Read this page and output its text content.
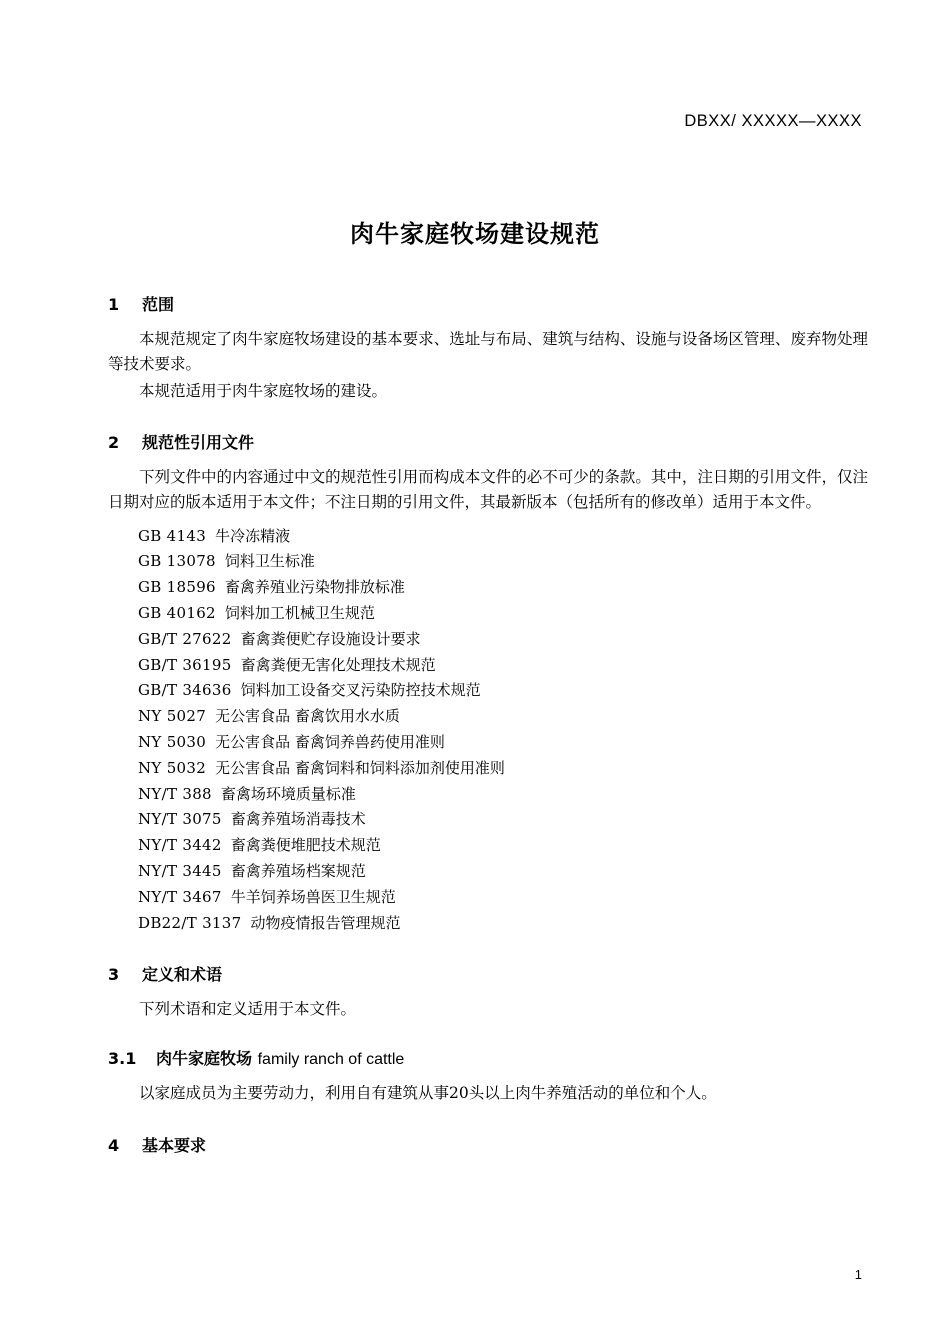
DBXX/ XXXXX—XXXX
肉牛家庭牧场建设规范
1	范围

本规范规定了肉牛家庭牧场建设的基本要求、选址与布局、建筑与结构、设施与设备场区管理、废弃物处理等技术要求。

本规范适用于肉牛家庭牧场的建设。

2	规范性引用文件

下列文件中的内容通过中文的规范性引用而构成本文件的必不可少的条款。其中，注日期的引用文件，仅注日期对应的版本适用于本文件；不注日期的引用文件，其最新版本（包括所有的修改单）适用于本文件。

GB 4143 牛冷冻精液
GB 13078 饲料卫生标准
GB 18596 畜禽养殖业污染物排放标准
GB 40162 饲料加工机械卫生规范
GB/T 27622 畜禽粪便贮存设施设计要求
GB/T 36195 畜禽粪便无害化处理技术规范
GB/T 34636 饲料加工设备交叉污染防控技术规范
NY 5027 无公害食品 畜禽饮用水水质
NY 5030 无公害食品 畜禽饲养兽药使用准则
NY 5032 无公害食品 畜禽饲料和饲料添加剂使用准则
NY/T 388 畜禽场环境质量标准
NY/T 3075 畜禽养殖场消毒技术
NY/T 3442 畜禽粪便堆肥技术规范
NY/T 3445 畜禽养殖场档案规范
NY/T 3467 牛羊饲养场兽医卫生规范
DB22/T 3137 动物疫情报告管理规范
3	定义和术语

下列术语和定义适用于本文件。

3.1	肉牛家庭牧场 family ranch of cattle

以家庭成员为主要劳动力，利用自有建筑从事20头以上肉牛养殖活动的单位和个人。

4	基本要求
1
